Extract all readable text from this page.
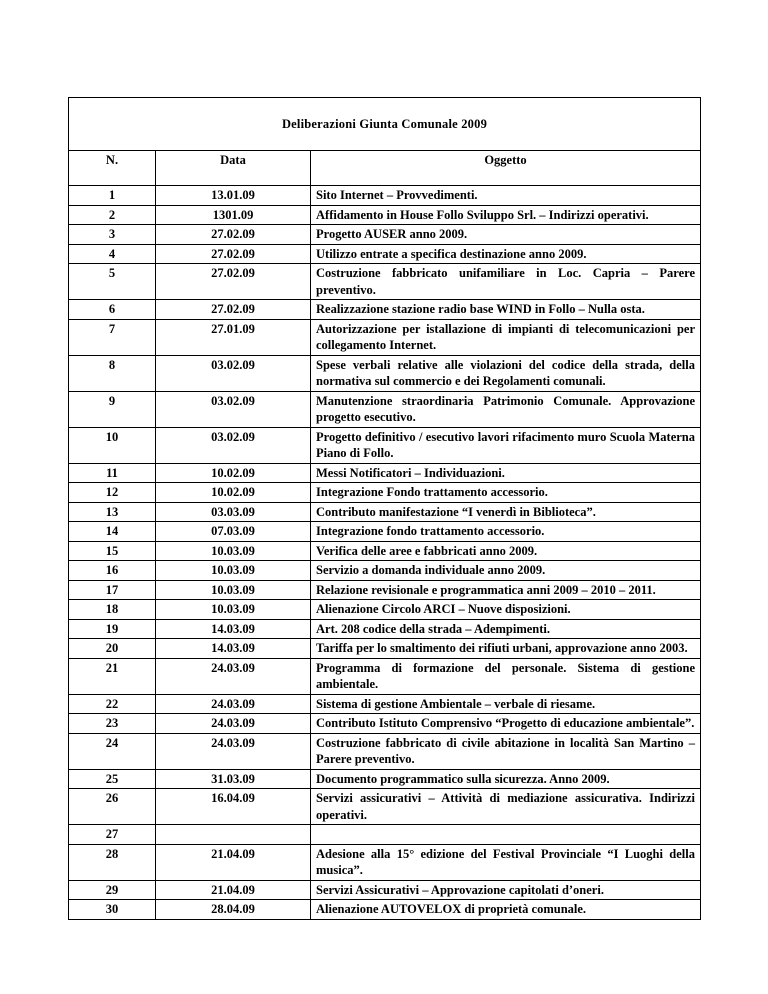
Deliberazioni Giunta Comunale 2009		
N.	Data	Oggetto
1	13.01.09	Sito Internet – Provvedimenti.
2	1301.09	Affidamento in House Follo Sviluppo Srl. – Indirizzi operativi.
3	27.02.09	Progetto AUSER anno 2009.
4	27.02.09	Utilizzo entrate a specifica destinazione anno 2009.
5	27.02.09	Costruzione fabbricato unifamiliare in Loc. Capria – Parere preventivo.
6	27.02.09	Realizzazione stazione radio base WIND in Follo – Nulla osta.
7	27.01.09	Autorizzazione per istallazione di impianti di telecomunicazioni per collegamento Internet.
8	03.02.09	Spese verbali relative alle violazioni del codice della strada, della normativa sul commercio e dei Regolamenti comunali.
9	03.02.09	Manutenzione straordinaria Patrimonio Comunale. Approvazione progetto esecutivo.
10	03.02.09	Progetto definitivo / esecutivo lavori rifacimento muro Scuola Materna Piano di Follo.
11	10.02.09	Messi Notificatori – Individuazioni.
12	10.02.09	Integrazione Fondo trattamento accessorio.
13	03.03.09	Contributo manifestazione “I venerdì in Biblioteca”.
14	07.03.09	Integrazione fondo trattamento accessorio.
15	10.03.09	Verifica delle aree e fabbricati anno 2009.
16	10.03.09	Servizio a domanda individuale anno 2009.
17	10.03.09	Relazione revisionale e programmatica anni 2009 – 2010 – 2011.
18	10.03.09	Alienazione Circolo ARCI – Nuove disposizioni.
19	14.03.09	Art. 208 codice della strada – Adempimenti.
20	14.03.09	Tariffa per lo smaltimento dei rifiuti urbani, approvazione anno 2003.
21	24.03.09	Programma di formazione del personale. Sistema di gestione ambientale.
22	24.03.09	Sistema di gestione Ambientale – verbale di riesame.
23	24.03.09	Contributo Istituto Comprensivo “Progetto di educazione ambientale”.
24	24.03.09	Costruzione fabbricato di civile abitazione in località San Martino – Parere preventivo.
25	31.03.09	Documento programmatico sulla sicurezza. Anno 2009.
26	16.04.09	Servizi assicurativi – Attività di mediazione assicurativa. Indirizzi operativi.
27		
28	21.04.09	Adesione alla 15° edizione del Festival Provinciale “I Luoghi della musica”.
29	21.04.09	Servizi Assicurativi – Approvazione capitolati d’oneri.
30	28.04.09	Alienazione AUTOVELOX di proprietà comunale.
